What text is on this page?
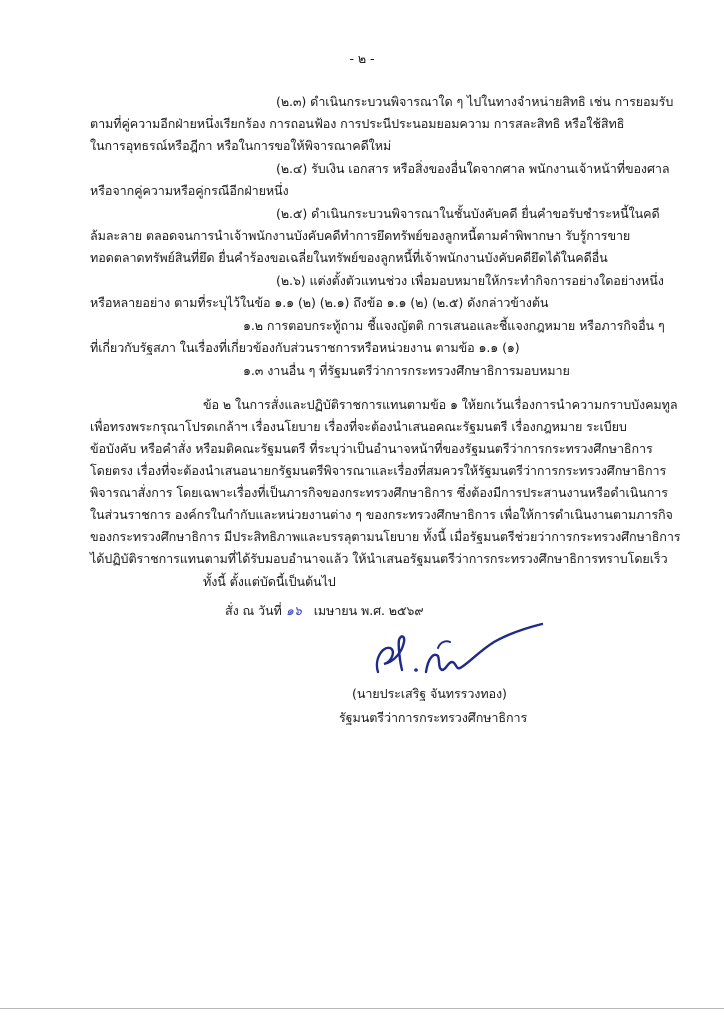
- ๒ -
(๒.๓) ดำเนินกระบวนพิจารณาใด ๆ ไปในทางจำหน่ายสิทธิ เช่น การยอมรับ
ตามที่คู่ความอีกฝ่ายหนึ่งเรียกร้อง การถอนฟ้อง การประนีประนอมยอมความ การสละสิทธิ หรือใช้สิทธิ
ในการอุทธรณ์หรือฎีกา หรือในการขอให้พิจารณาคดีใหม่
(๒.๔) รับเงิน เอกสาร หรือสิ่งของอื่นใดจากศาล พนักงานเจ้าหน้าที่ของศาล
หรือจากคู่ความหรือคู่กรณีอีกฝ่ายหนึ่ง
(๒.๕) ดำเนินกระบวนพิจารณาในชั้นบังคับคดี ยื่นคำขอรับชำระหนี้ในคดี
ล้มละลาย ตลอดจนการนำเจ้าพนักงานบังคับคดีทำการยึดทรัพย์ของลูกหนี้ตามคำพิพากษา รับรู้การขาย
ทอดตลาดทรัพย์สินที่ยึด ยื่นคำร้องขอเฉลี่ยในทรัพย์ของลูกหนี้ที่เจ้าพนักงานบังคับคดียึดได้ในคดีอื่น
(๒.๖) แต่งตั้งตัวแทนช่วง เพื่อมอบหมายให้กระทำกิจการอย่างใดอย่างหนึ่ง
หรือหลายอย่าง ตามที่ระบุไว้ในข้อ ๑.๑ (๒) (๒.๑) ถึงข้อ ๑.๑ (๒) (๒.๕) ดังกล่าวข้างต้น
๑.๒ การตอบกระทู้ถาม ชี้แจงญัตติ การเสนอและชี้แจงกฎหมาย หรือภารกิจอื่น ๆ
ที่เกี่ยวกับรัฐสภา ในเรื่องที่เกี่ยวข้องกับส่วนราชการหรือหน่วยงาน ตามข้อ ๑.๑ (๑)
๑.๓ งานอื่น ๆ ที่รัฐมนตรีว่าการกระทรวงศึกษาธิการมอบหมาย
ข้อ ๒ ในการสั่งและปฏิบัติราชการแทนตามข้อ ๑ ให้ยกเว้นเรื่องการนำความกราบบังคมทูล
เพื่อทรงพระกรุณาโปรดเกล้าฯ เรื่องนโยบาย เรื่องที่จะต้องนำเสนอคณะรัฐมนตรี เรื่องกฎหมาย ระเบียบ
ข้อบังคับ หรือคำสั่ง หรือมติคณะรัฐมนตรี ที่ระบุว่าเป็นอำนาจหน้าที่ของรัฐมนตรีว่าการกระทรวงศึกษาธิการ
โดยตรง เรื่องที่จะต้องนำเสนอนายกรัฐมนตรีพิจารณาและเรื่องที่สมควรให้รัฐมนตรีว่าการกระทรวงศึกษาธิการ
พิจารณาสั่งการ โดยเฉพาะเรื่องที่เป็นภารกิจของกระทรวงศึกษาธิการ ซึ่งต้องมีการประสานงานหรือดำเนินการ
ในส่วนราชการ องค์กรในกำกับและหน่วยงานต่าง ๆ ของกระทรวงศึกษาธิการ เพื่อให้การดำเนินงานตามภารกิจ
ของกระทรวงศึกษาธิการ มีประสิทธิภาพและบรรลุตามนโยบาย ทั้งนี้ เมื่อรัฐมนตรีช่วยว่าการกระทรวงศึกษาธิการ
ได้ปฏิบัติราชการแทนตามที่ได้รับมอบอำนาจแล้ว ให้นำเสนอรัฐมนตรีว่าการกระทรวงศึกษาธิการทราบโดยเร็ว
ทั้งนี้ ตั้งแต่บัดนี้เป็นต้นไป
สั่ง ณ วันที่ ๑๖ เมษายน พ.ศ. ๒๕๖๙
(นายประเสริฐ จันทรรวงทอง)
รัฐมนตรีว่าการกระทรวงศึกษาธิการ
